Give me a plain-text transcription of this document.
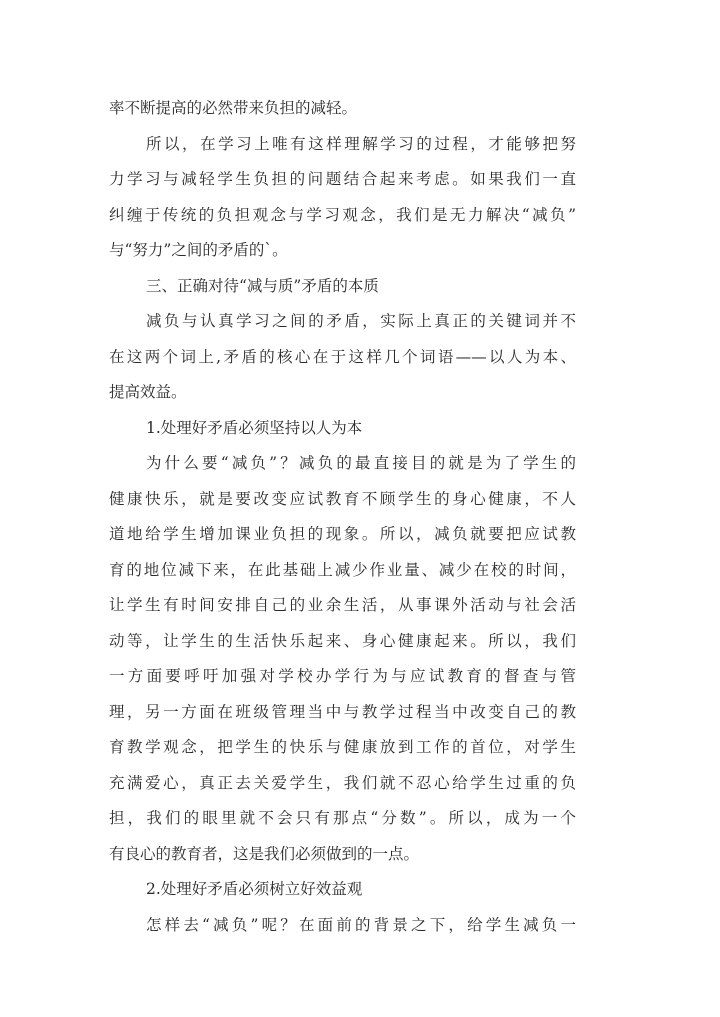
率不断提高的必然带来负担的减轻。
所以，在学习上唯有这样理解学习的过程，才能够把努
力学习与减轻学生负担的问题结合起来考虑。如果我们一直
纠缠于传统的负担观念与学习观念，我们是无力解决“减负”
与“努力”之间的矛盾的`。
三、正确对待“减与质”矛盾的本质
减负与认真学习之间的矛盾，实际上真正的关键词并不
在这两个词上,矛盾的核心在于这样几个词语——以人为本、
提高效益。
1.处理好矛盾必须坚持以人为本
为什么要“减负”？减负的最直接目的就是为了学生的
健康快乐，就是要改变应试教育不顾学生的身心健康，不人
道地给学生增加课业负担的现象。所以，减负就要把应试教
育的地位减下来，在此基础上减少作业量、减少在校的时间，
让学生有时间安排自己的业余生活，从事课外活动与社会活
动等，让学生的生活快乐起来、身心健康起来。所以，我们
一方面要呼吁加强对学校办学行为与应试教育的督查与管
理，另一方面在班级管理当中与教学过程当中改变自己的教
育教学观念，把学生的快乐与健康放到工作的首位，对学生
充满爱心，真正去关爱学生，我们就不忍心给学生过重的负
担，我们的眼里就不会只有那点“分数”。所以，成为一个
有良心的教育者，这是我们必须做到的一点。
2.处理好矛盾必须树立好效益观
怎样去“减负”呢？在面前的背景之下，给学生减负一
